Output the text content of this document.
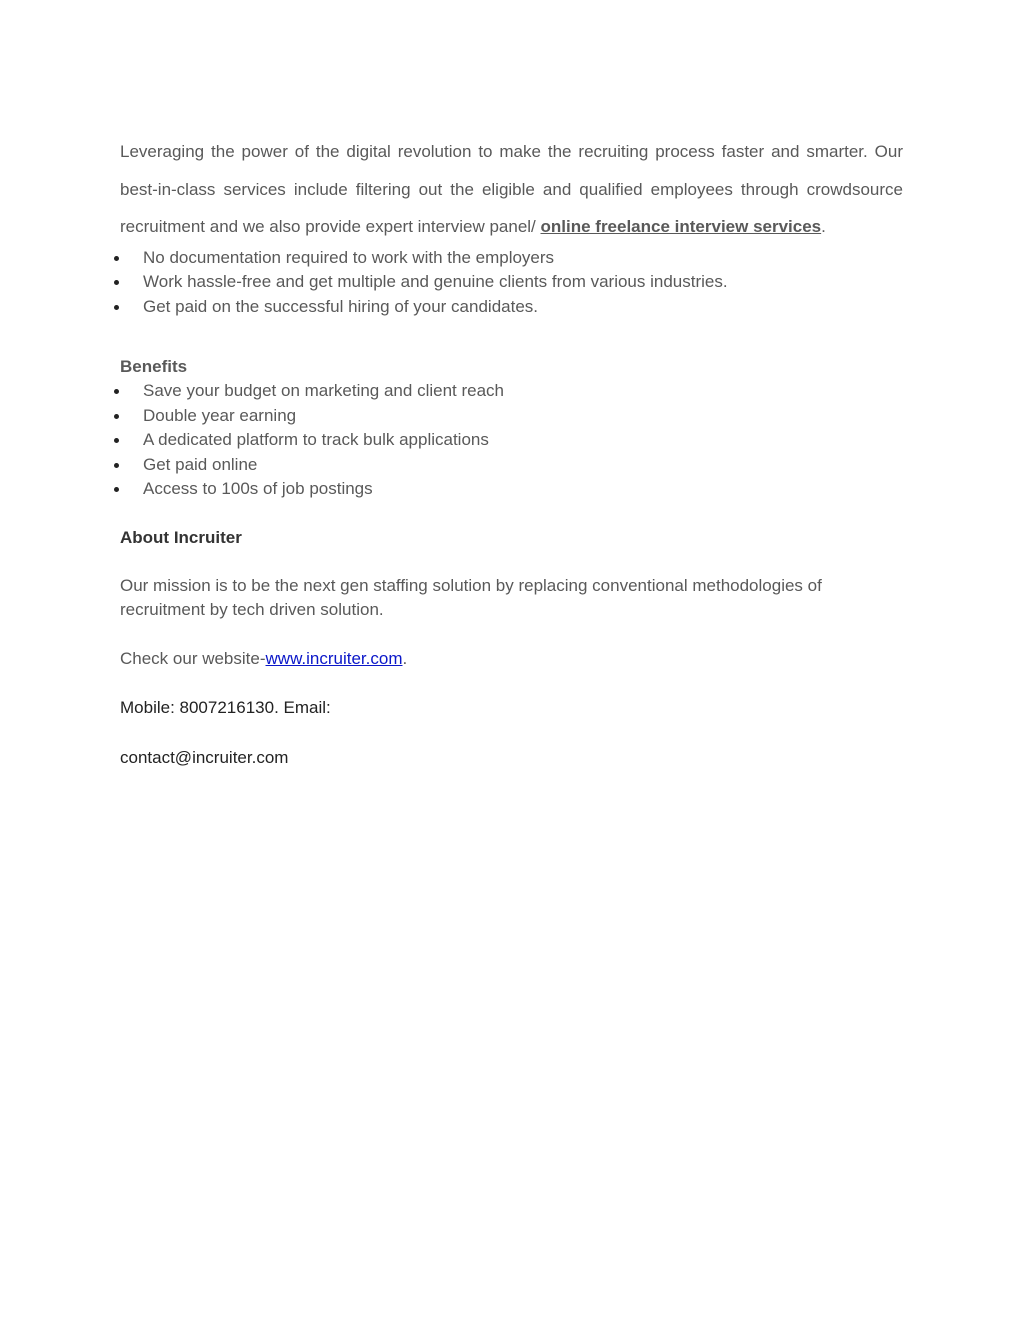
Leveraging the power of the digital revolution to make the recruiting process faster and smarter. Our best-in-class services include filtering out the eligible and qualified employees through crowdsource recruitment and we also provide expert interview panel/ online freelance interview services.

No documentation required to work with the employers
Work hassle-free and get multiple and genuine clients from various industries.
Get paid on the successful hiring of your candidates.

Benefits

Save your budget on marketing and client reach
Double year earning
A dedicated platform to track bulk applications
Get paid online
Access to 100s of job postings

About Incruiter

Our mission is to be the next gen staffing solution by replacing conventional methodologies of recruitment by tech driven solution.

Check our website-www.incruiter.com.

Mobile: 8007216130. Email:

contact@incruiter.com
